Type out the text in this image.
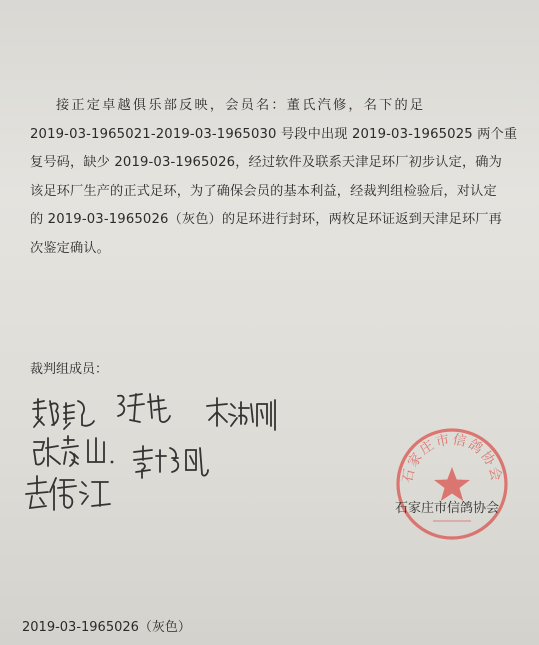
接正定卓越俱乐部反映，会员名：董氏汽修，名下的足
2019-03-1965021-2019-03-1965030 号段中出现 2019-03-1965025 两个重
复号码，缺少 2019-03-1965026，经过软件及联系天津足环厂初步认定，确为
该足环厂生产的正式足环，为了确保会员的基本利益，经裁判组检验后，对认定
的 2019-03-1965026（灰色）的足环进行封环，两枚足环证返到天津足环厂再
次鉴定确认。
裁判组成员：
石家庄市信鸽协会
石家庄市信鸽协会
2019-03-1965026（灰色）
